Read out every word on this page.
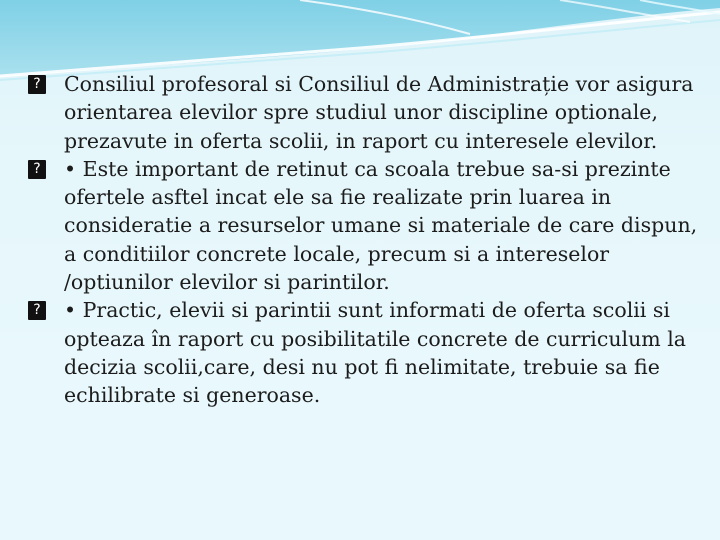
? Consiliul profesoral si Consiliul de Administrație vor asigura orientarea elevilor spre studiul unor discipline optionale, prezavute in oferta scolii, in raport cu interesele elevilor.

? • Este important de retinut ca scoala trebue sa-si prezinte ofertele asftel incat ele sa fie realizate prin luarea in consideratie a resurselor umane si materiale de care dispun, a conditiilor concrete locale, precum si a intereselor /optiunilor elevilor si parintilor.

? • Practic, elevii si parintii sunt informati de oferta scolii si opteaza în raport cu posibilitatile concrete de curriculum la decizia scolii,care, desi nu pot fi nelimitate, trebuie sa fie echilibrate si generoase.
